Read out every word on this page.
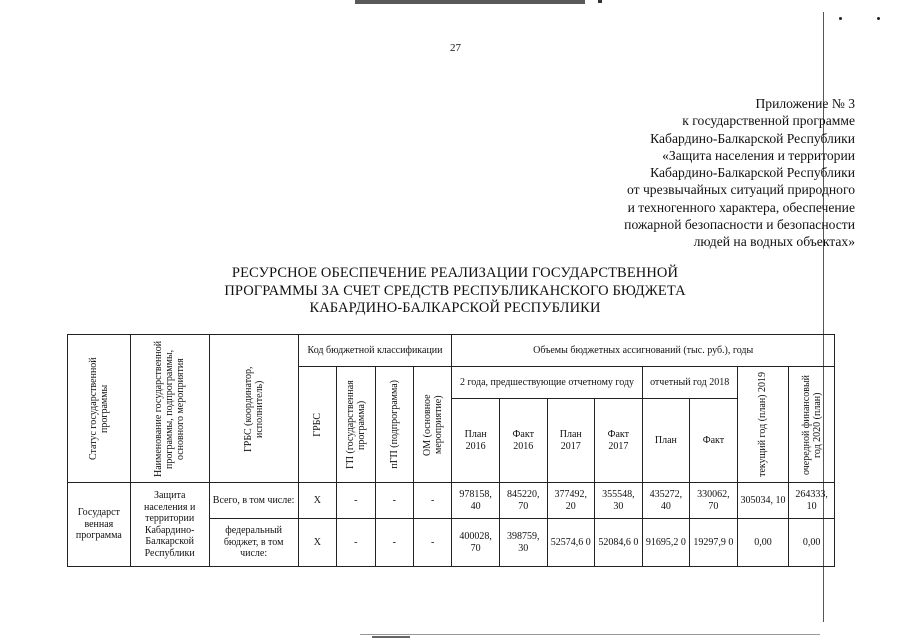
27
Приложение № 3
к государственной программе
Кабардино-Балкарской Республики
«Защита населения и территории
Кабардино-Балкарской Республики
от чрезвычайных ситуаций природного
и техногенного характера, обеспечение
пожарной безопасности и безопасности
людей на водных объектах»
РЕСУРСНОЕ ОБЕСПЕЧЕНИЕ РЕАЛИЗАЦИИ ГОСУДАРСТВЕННОЙ
ПРОГРАММЫ ЗА СЧЕТ СРЕДСТВ РЕСПУБЛИКАНСКОГО БЮДЖЕТА
КАБАРДИНО-БАЛКАРСКОЙ РЕСПУБЛИКИ
Статус государственной программы	Наименование государственной программы, подпрограммы, основного мероприятия	ГРБС (координатор, исполнитель)	Код бюджетной классификации				Объемы бюджетных ассигнований (тыс. руб.), годы							

			ГРБС	ГП (государственная программа)	пГП (подпрограмма)	ОМ (основное мероприятие)	2 года, предшествующие отчетному году				отчетный год 2018		текущий год (план) 2019	очередной финансовый год 2020 (план)

							План 2016	Факт 2016	План 2017	Факт 2017	План	Факт		
Государст венная программа	Защита населения и территории Кабардино-Балкарской Республики	Всего, в том числе:	X	-	-	-	978158, 40	845220, 70	377492, 20	355548, 30	435272, 40	330062, 70	305034, 10	264333, 10
		федеральный бюджет, в том числе:	X	-	-	-	400028, 70	398759, 30	52574,6 0	52084,6 0	91695,2 0	19297,9 0	0,00	0,00
